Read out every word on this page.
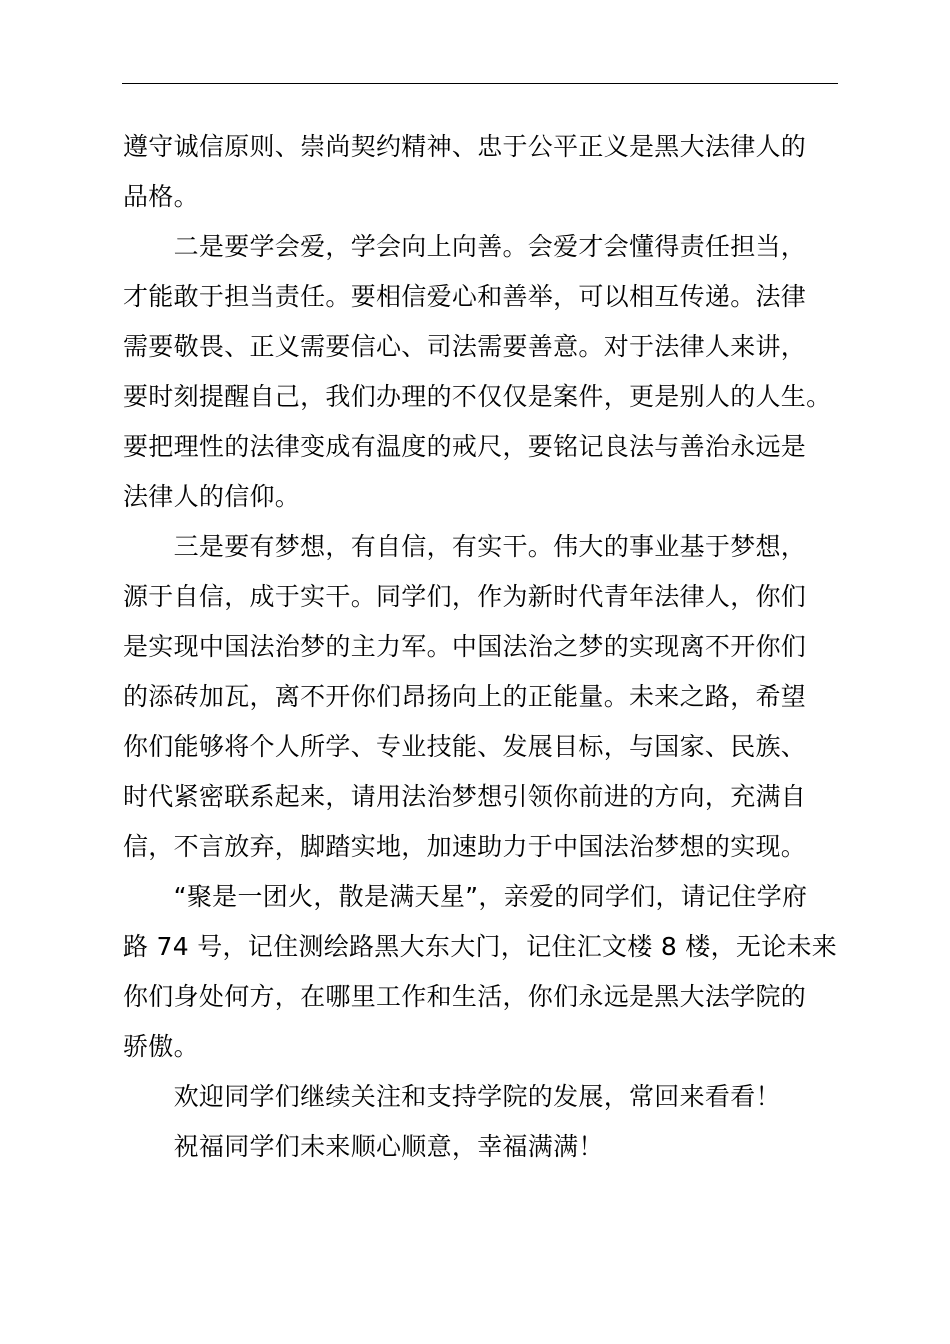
遵守诚信原则、崇尚契约精神、忠于公平正义是黑大法律人的
品格。

　　二是要学会爱，学会向上向善。会爱才会懂得责任担当，
才能敢于担当责任。要相信爱心和善举，可以相互传递。法律
需要敬畏、正义需要信心、司法需要善意。对于法律人来讲，
要时刻提醒自己，我们办理的不仅仅是案件，更是别人的人生。
要把理性的法律变成有温度的戒尺，要铭记良法与善治永远是
法律人的信仰。

　　三是要有梦想，有自信，有实干。伟大的事业基于梦想，
源于自信，成于实干。同学们，作为新时代青年法律人，你们
是实现中国法治梦的主力军。中国法治之梦的实现离不开你们
的添砖加瓦，离不开你们昂扬向上的正能量。未来之路，希望
你们能够将个人所学、专业技能、发展目标，与国家、民族、
时代紧密联系起来，请用法治梦想引领你前进的方向，充满自
信，不言放弃，脚踏实地，加速助力于中国法治梦想的实现。

　　“聚是一团火，散是满天星”，亲爱的同学们，请记住学府
路 74 号，记住测绘路黑大东大门，记住汇文楼 8 楼，无论未来
你们身处何方，在哪里工作和生活，你们永远是黑大法学院的
骄傲。

　　欢迎同学们继续关注和支持学院的发展，常回来看看！

　　祝福同学们未来顺心顺意，幸福满满！
